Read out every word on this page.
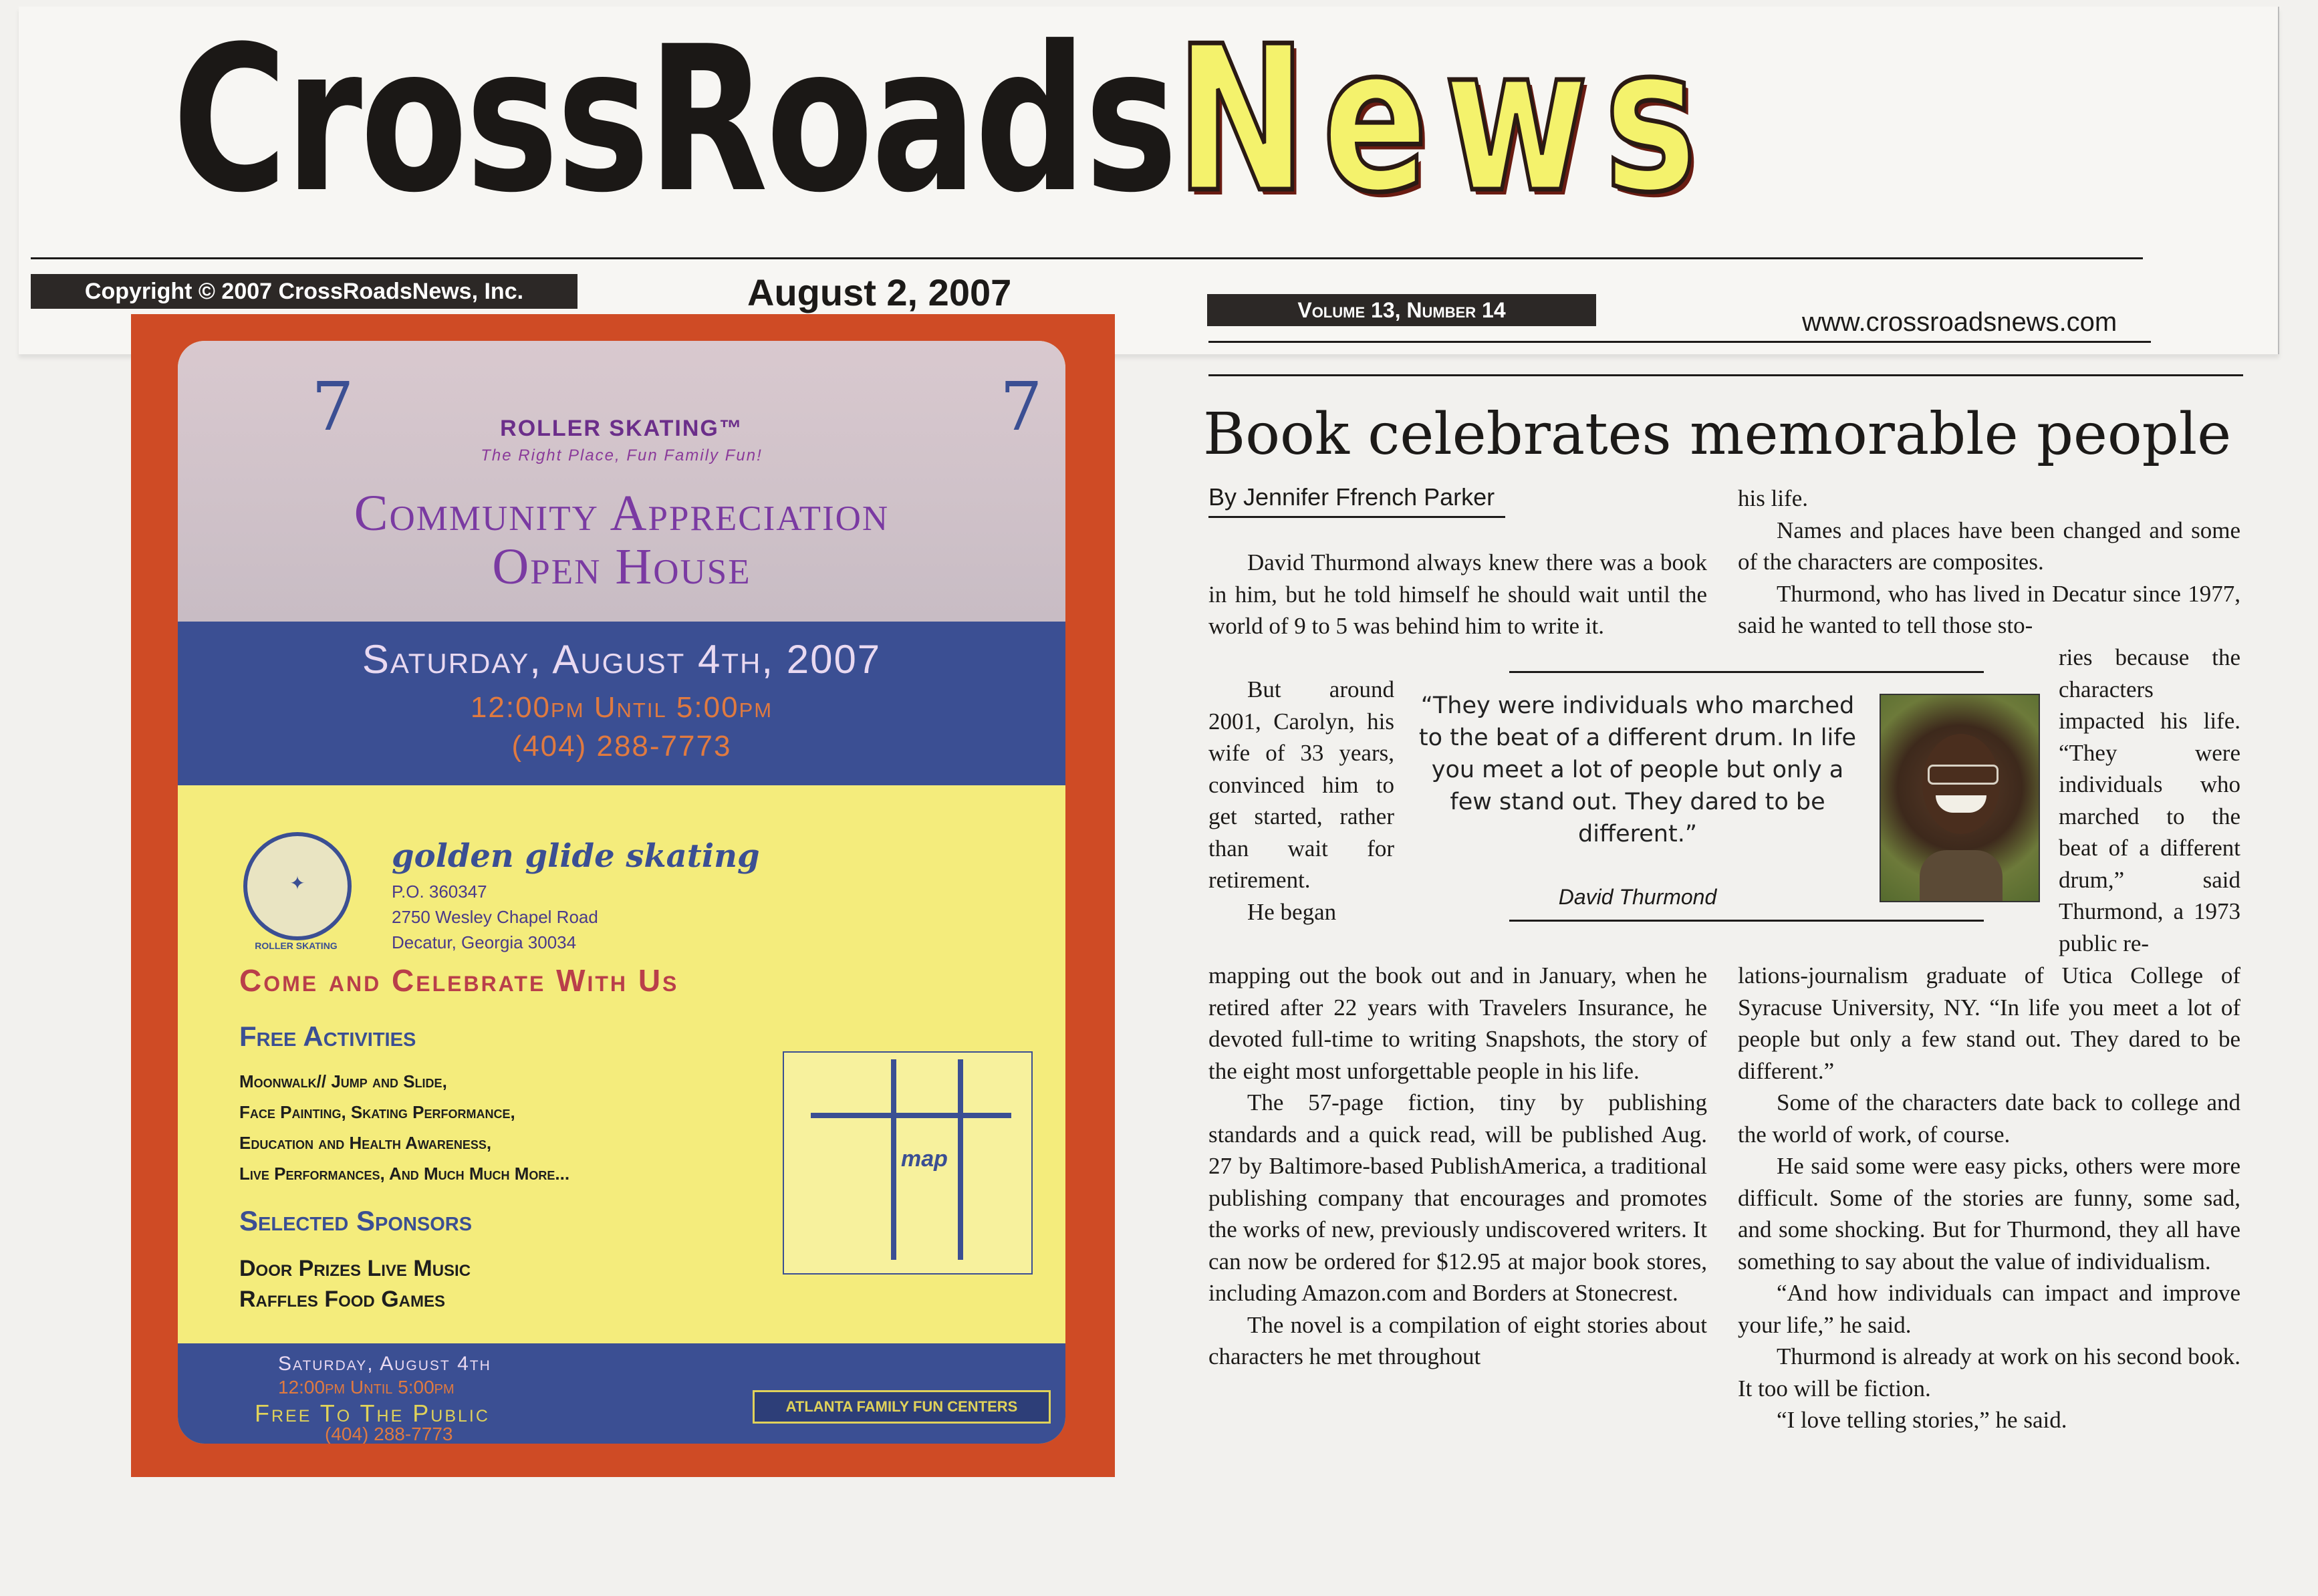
CrossRoadsNews
Copyright © 2007 CrossRoadsNews, Inc.	August 2, 2007	Volume 13, Number 14	www.crossroadsnews.com
7	7
ROLLER SKATING™
The Right Place, Fun Family Fun!
Community Appreciation
Open House
Saturday, August 4th, 2007
12:00pm Until 5:00pm
(404) 288-7773
✦
ROLLER SKATING
golden glide skating
P.O. 360347
2750 Wesley Chapel Road
Decatur, Georgia 30034
Come and Celebrate With Us
Free Activities
Moonwalk// Jump and Slide,
Face Painting, Skating Performance,
Education and Health Awareness,
Live Performances, And Much Much More...
Selected Sponsors
Door Prizes Live Music
Raffles Food Games
map
Saturday, August 4th
12:00pm Until 5:00pm
Free To The Public
(404) 288-7773
ATLANTA FAMILY FUN CENTERS
Book celebrates memorable people
By Jennifer Ffrench Parker

David Thurmond always knew there was a book in him, but he told himself he should wait until the world of 9 to 5 was behind him to write it.

But around 2001, Carolyn, his wife of 33 years, convinced him to get started, rather than wait for retirement.

He began

mapping out the book out and in January, when he retired after 22 years with Travelers Insurance, he devoted full-time to writing Snapshots, the story of the eight most unforgettable people in his life.

The 57-page fiction, tiny by publishing standards and a quick read, will be published Aug. 27 by Baltimore-based PublishAmerica, a traditional publishing company that encourages and promotes the works of new, previously undiscovered writers. It can now be ordered for $12.95 at major book stores, including Amazon.com and Borders at Stonecrest.

The novel is a compilation of eight stories about characters he met throughout

his life.

Names and places have been changed and some of the characters are composites.

Thurmond, who has lived in Decatur since 1977, said he wanted to tell those sto-

ries because the characters impacted his life. “They were individuals who marched to the beat of a different drum,” said Thurmond, a 1973 public re-

lations-journalism graduate of Utica College of Syracuse University, NY. “In life you meet a lot of people but only a few stand out. They dared to be different.”

Some of the characters date back to college and the world of work, of course.

He said some were easy picks, others were more difficult. Some of the stories are funny, some sad, and some shocking. But for Thurmond, they all have something to say about the value of individualism.

“And how individuals can impact and improve your life,” he said.

Thurmond is already at work on his second book. It too will be fiction.

“I love telling stories,” he said.

“They were individuals who marched to the beat of a different drum. In life you meet a lot of people but only a few stand out. They dared to be different.”
David Thurmond
